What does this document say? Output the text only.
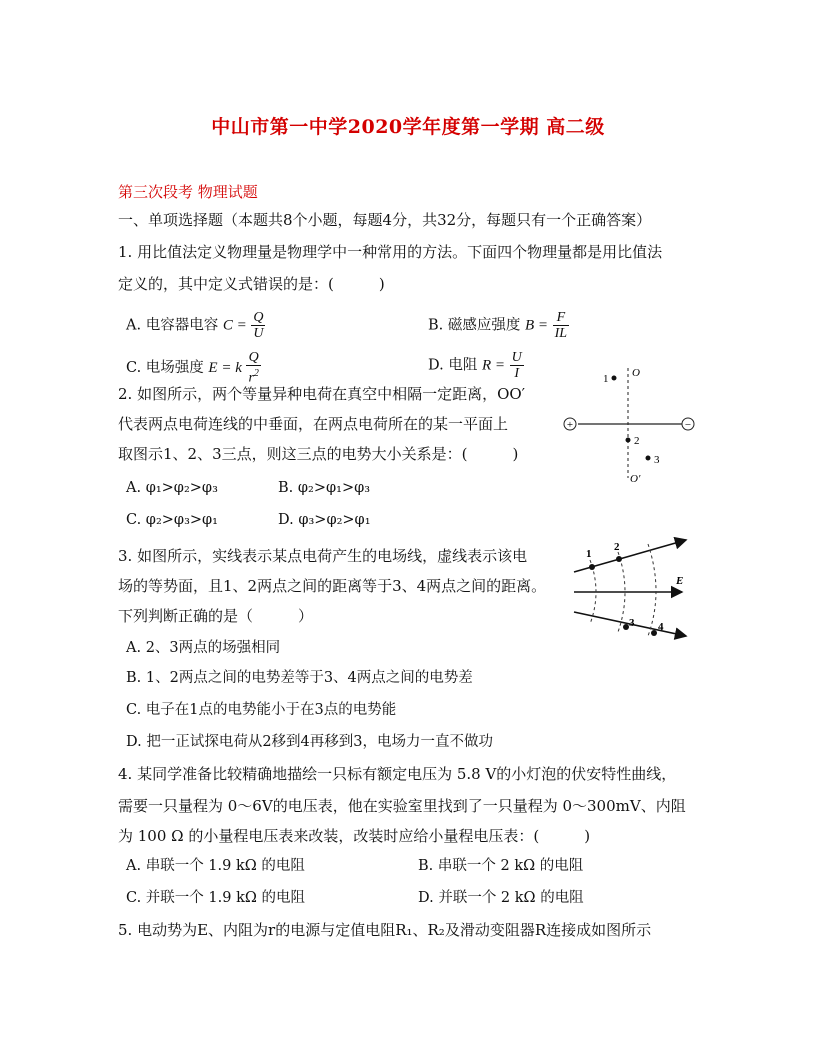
中山市第一中学2020学年度第一学期 高二级
第三次段考 物理试题
一、单项选择题（本题共8个小题，每题4分，共32分，每题只有一个正确答案）
1. 用比值法定义物理量是物理学中一种常用的方法。下面四个物理量都是用比值法
定义的，其中定义式错误的是：(　　　)
A. 电容器电容 $C = \frac{Q}{U}$	B. 磁感应强度 $B = \frac{F}{IL}$
C. 电场强度 E = k $\frac{Q}{r^2}$	D. 电阻 $R = \frac{U}{I}$
2. 如图所示，两个等量异种电荷在真空中相隔一定距离，OO′
代表两点电荷连线的中垂面，在两点电荷所在的某一平面上
取图示1、2、3三点，则这三点的电势大小关系是：(　　　)
A. φ₁>φ₂>φ₃	B. φ₂>φ₁>φ₃
C. φ₂>φ₃>φ₁	D. φ₃>φ₂>φ₁
+	−
1
2
3
O
O′
3. 如图所示，实线表示某点电荷产生的电场线，虚线表示该电
场的等势面，且1、2两点之间的距离等于3、4两点之间的距离。
下列判断正确的是（　　　）
A. 2、3两点的场强相同
B. 1、2两点之间的电势差等于3、4两点之间的电势差
C. 电子在1点的电势能小于在3点的电势能
D. 把一正试探电荷从2移到4再移到3，电场力一直不做功
1
2
3 4
E
4. 某同学准备比较精确地描绘一只标有额定电压为 5.8 V的小灯泡的伏安特性曲线，
需要一只量程为 0～6V的电压表，他在实验室里找到了一只量程为 0～300mV、内阻
为 100 Ω 的小量程电压表来改装，改装时应给小量程电压表：(　　　)
A. 串联一个 1.9 kΩ 的电阻	B. 串联一个 2 kΩ 的电阻
C. 并联一个 1.9 kΩ 的电阻	D. 并联一个 2 kΩ 的电阻
5. 电动势为E、内阻为r的电源与定值电阻R₁、R₂及滑动变阻器R连接成如图所示
